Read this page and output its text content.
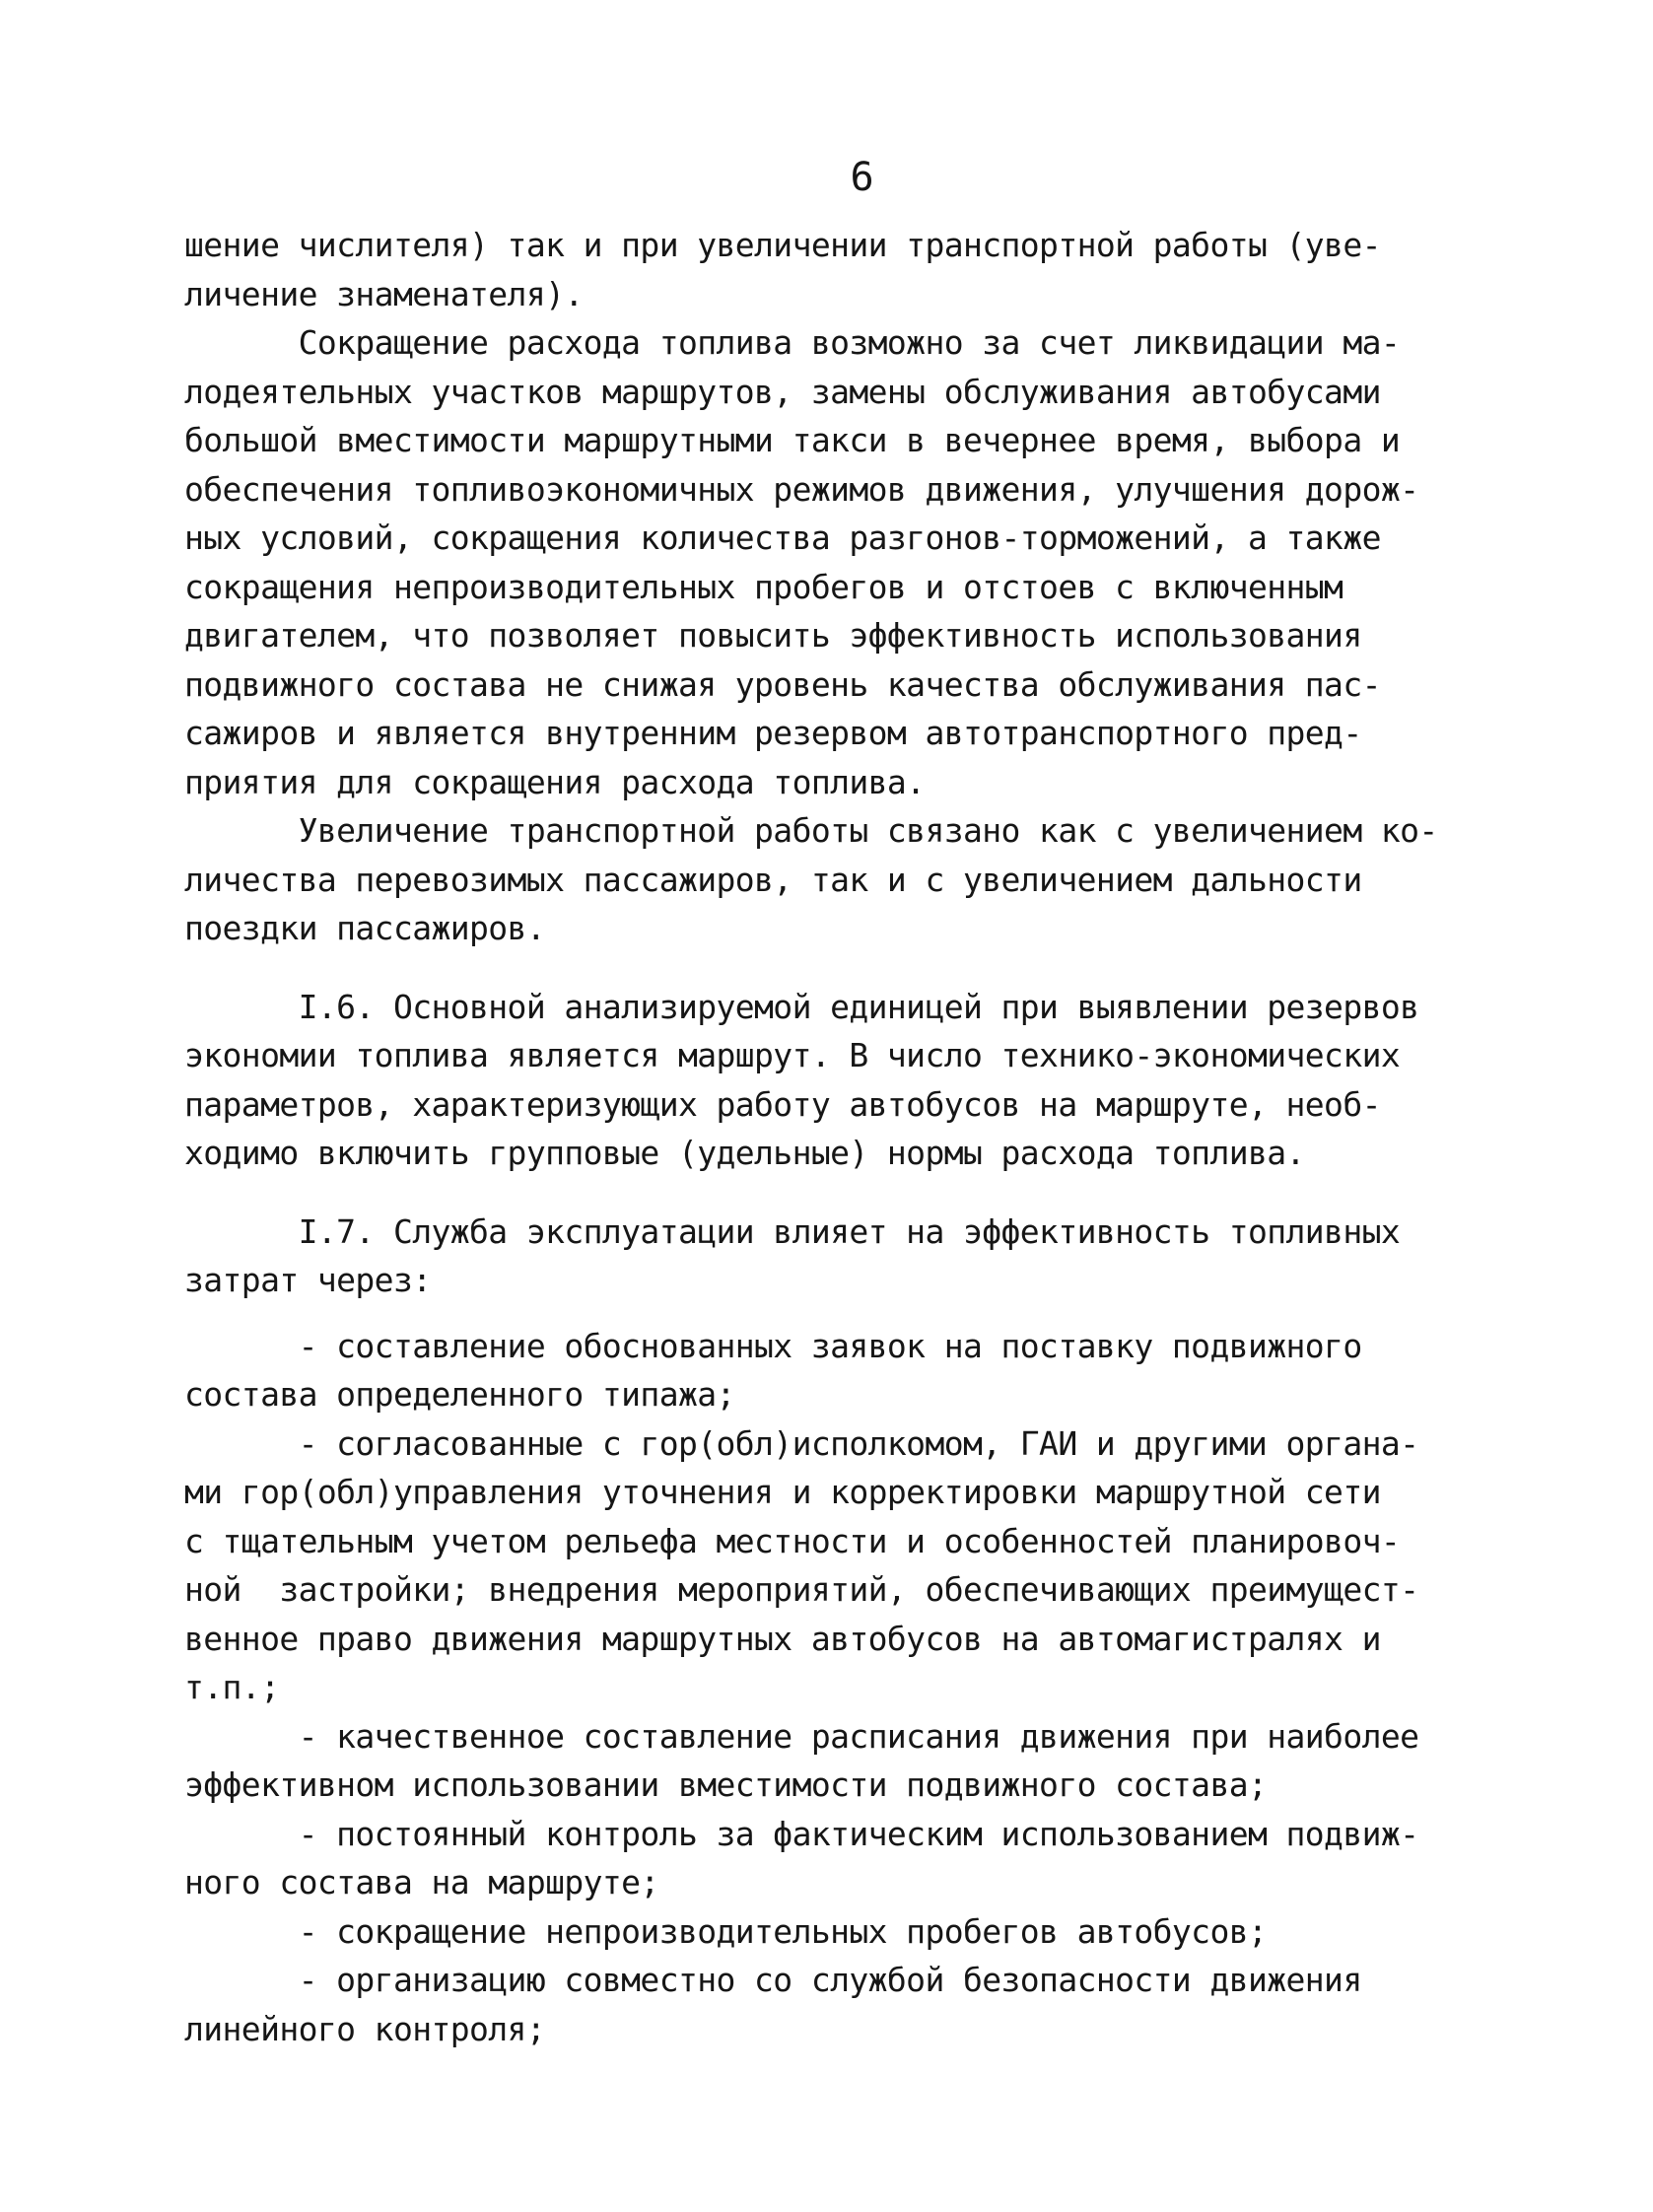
6
шение числителя) так и при увеличении транспортной работы (уве-
личение знаменателя).
Сокращение расхода топлива возможно за счет ликвидации ма-
лодеятельных участков маршрутов, замены обслуживания автобусами
большой вместимости маршрутными такси в вечернее время, выбора и
обеспечения топливоэкономичных режимов движения, улучшения дорож-
ных условий, сокращения количества разгонов-торможений, а также
сокращения непроизводительных пробегов и отстоев с включенным
двигателем, что позволяет повысить эффективность использования
подвижного состава не снижая уровень качества обслуживания пас-
сажиров и является внутренним резервом автотранспортного пред-
приятия для сокращения расхода топлива.
Увеличение транспортной работы связано как с увеличением ко-
личества перевозимых пассажиров, так и с увеличением дальности
поездки пассажиров.
I.6. Основной анализируемой единицей при выявлении резервов
экономии топлива является маршрут. В число технико-экономических
параметров, характеризующих работу автобусов на маршруте, необ-
ходимо включить групповые (удельные) нормы расхода топлива.
I.7. Служба эксплуатации влияет на эффективность топливных
затрат через:
- составление обоснованных заявок на поставку подвижного
состава определенного типажа;
- согласованные с гор(обл)исполкомом, ГАИ и другими органа-
ми гор(обл)управления уточнения и корректировки маршрутной сети
с тщательным учетом рельефа местности и особенностей планировоч-
ной  застройки; внедрения мероприятий, обеспечивающих преимущест-
венное право движения маршрутных автобусов на автомагистралях и
т.п.;
- качественное составление расписания движения при наиболее
эффективном использовании вместимости подвижного состава;
- постоянный контроль за фактическим использованием подвиж-
ного состава на маршруте;
- сокращение непроизводительных пробегов автобусов;
- организацию совместно со службой безопасности движения
линейного контроля;
